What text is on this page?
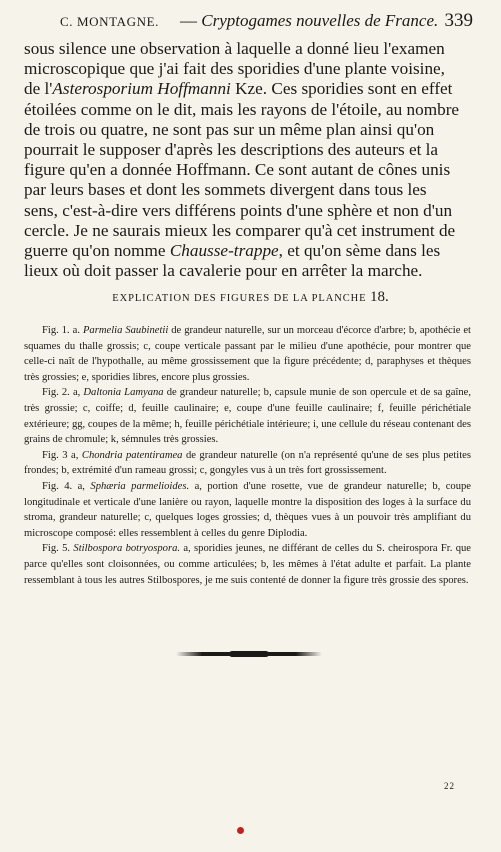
C. MONTAGNE. — Cryptogames nouvelles de France. 339

sous silence une observation à laquelle a donné lieu l'examen

microscopique que j'ai fait des sporidies d'une plante voisine,

de l'Asterosporium Hoffmanni Kze. Ces sporidies sont en effet

étoilées comme on le dit, mais les rayons de l'étoile, au nombre

de trois ou quatre, ne sont pas sur un même plan ainsi qu'on

pourrait le supposer d'après les descriptions des auteurs et la

figure qu'en a donnée Hoffmann. Ce sont autant de cônes unis

par leurs bases et dont les sommets divergent dans tous les

sens, c'est-à-dire vers différens points d'une sphère et non d'un

cercle. Je ne saurais mieux les comparer qu'à cet instrument de

guerre qu'on nomme Chausse-trappe, et qu'on sème dans les

lieux où doit passer la cavalerie pour en arrêter la marche.

EXPLICATION DES FIGURES DE LA PLANCHE 18.

Fig. 1. a. Parmelia Saubinetii de grandeur naturelle, sur un morceau d'écorce d'arbre; b, apothécie et squames du thalle grossis; c, coupe verticale passant par le milieu d'une apothécie, pour montrer que celle-ci naît de l'hypothalle, au même grossissement que la figure précédente; d, paraphyses et thèques très grossies; e, sporidies libres, encore plus grossies.

Fig. 2. a, Daltonia Lamyana de grandeur naturelle; b, capsule munie de son opercule et de sa gaîne, très grossie; c, coiffe; d, feuille caulinaire; e, coupe d'une feuille caulinaire; f, feuille périchétiale extérieure; gg, coupes de la même; h, feuille périchétiale intérieure; i, une cellule du réseau contenant des grains de chromule; k, sémnules très grossies.

Fig. 3 a, Chondria patentiramea de grandeur naturelle (on n'a représenté qu'une de ses plus petites frondes; b, extrémité d'un rameau grossi; c, gongyles vus à un très fort grossissement.

Fig. 4. a, Sphæria parmelioides. a, portion d'une rosette, vue de grandeur naturelle; b, coupe longitudinale et verticale d'une lanière ou rayon, laquelle montre la disposition des loges à la surface du stroma, grandeur naturelle; c, quelques loges grossies; d, thèques vues à un pouvoir très amplifiant du microscope composé: elles ressemblent à celles du genre Diplodia.

Fig. 5. Stilbospora botryospora. a, sporidies jeunes, ne différant de celles du S. cheirospora Fr. que parce qu'elles sont cloisonnées, ou comme articulées; b, les mêmes à l'état adulte et parfait. La plante ressemblant à tous les autres Stilbospores, je me suis contenté de donner la figure très grossie des spores.

22
